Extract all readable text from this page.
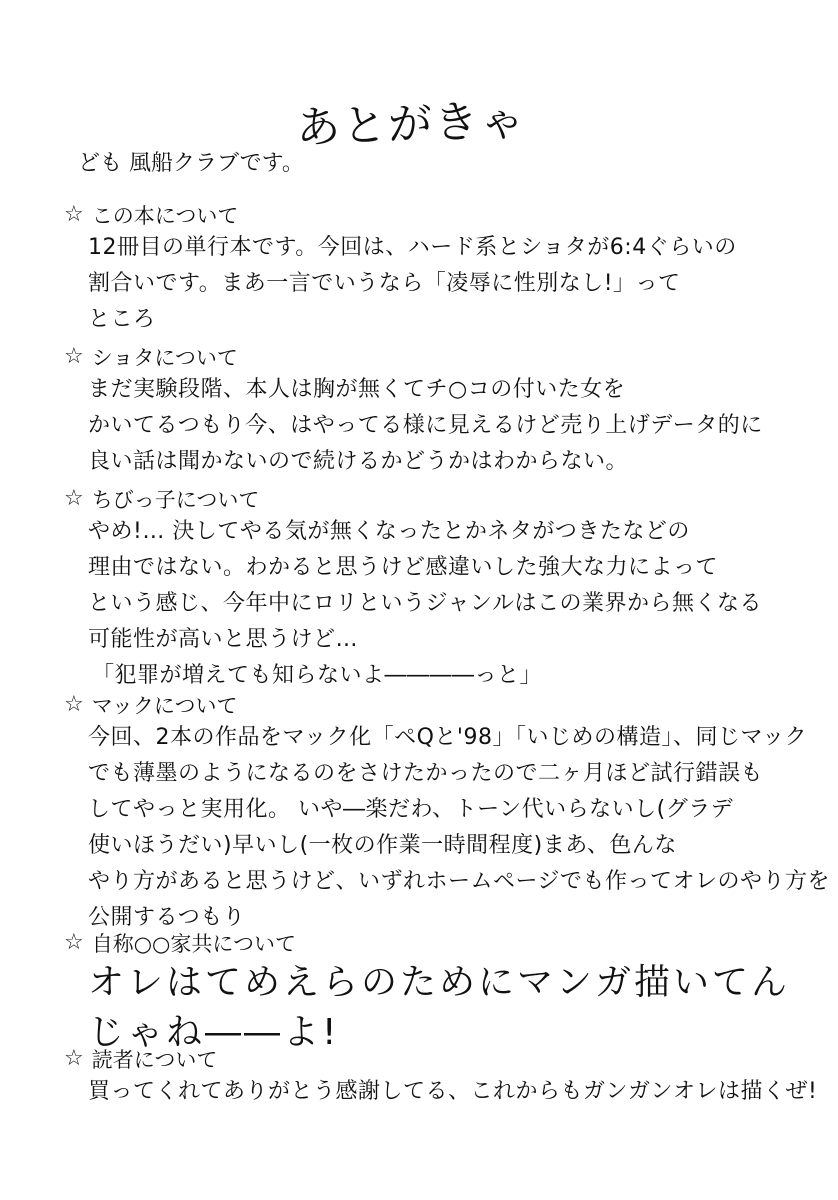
あとがきゃ
ども 風船クラブです。
☆ この本について
12冊目の単行本です。今回は、ハード系とショタが6:4ぐらいの
割合いです。まあ一言でいうなら「凌辱に性別なし!」って
ところ
☆ ショタについて
まだ実験段階、本人は胸が無くてチ○コの付いた女を
かいてるつもり今、はやってる様に見えるけど売り上げデータ的に
良い話は聞かないので続けるかどうかはわからない。
☆ ちびっ子について
やめ!… 決してやる気が無くなったとかネタがつきたなどの
理由ではない。わかると思うけど感違いした強大な力によって
という感じ、今年中にロリというジャンルはこの業界から無くなる
可能性が高いと思うけど…
「犯罪が増えても知らないよ――――っと」
☆ マックについて
今回、2本の作品をマック化「ペQと'98」「いじめの構造」、同じマック
でも薄墨のようになるのをさけたかったので二ヶ月ほど試行錯誤も
してやっと実用化。 いや―楽だわ、トーン代いらないし(グラデ
使いほうだい)早いし(一枚の作業一時間程度)まあ、色んな
やり方があると思うけど、いずれホームページでも作ってオレのやり方を
公開するつもり
☆ 自称○○家共について
オレはてめえらのためにマンガ描いてん
じゃね――よ!
☆ 読者について
買ってくれてありがとう感謝してる、これからもガンガンオレは描くぜ!
